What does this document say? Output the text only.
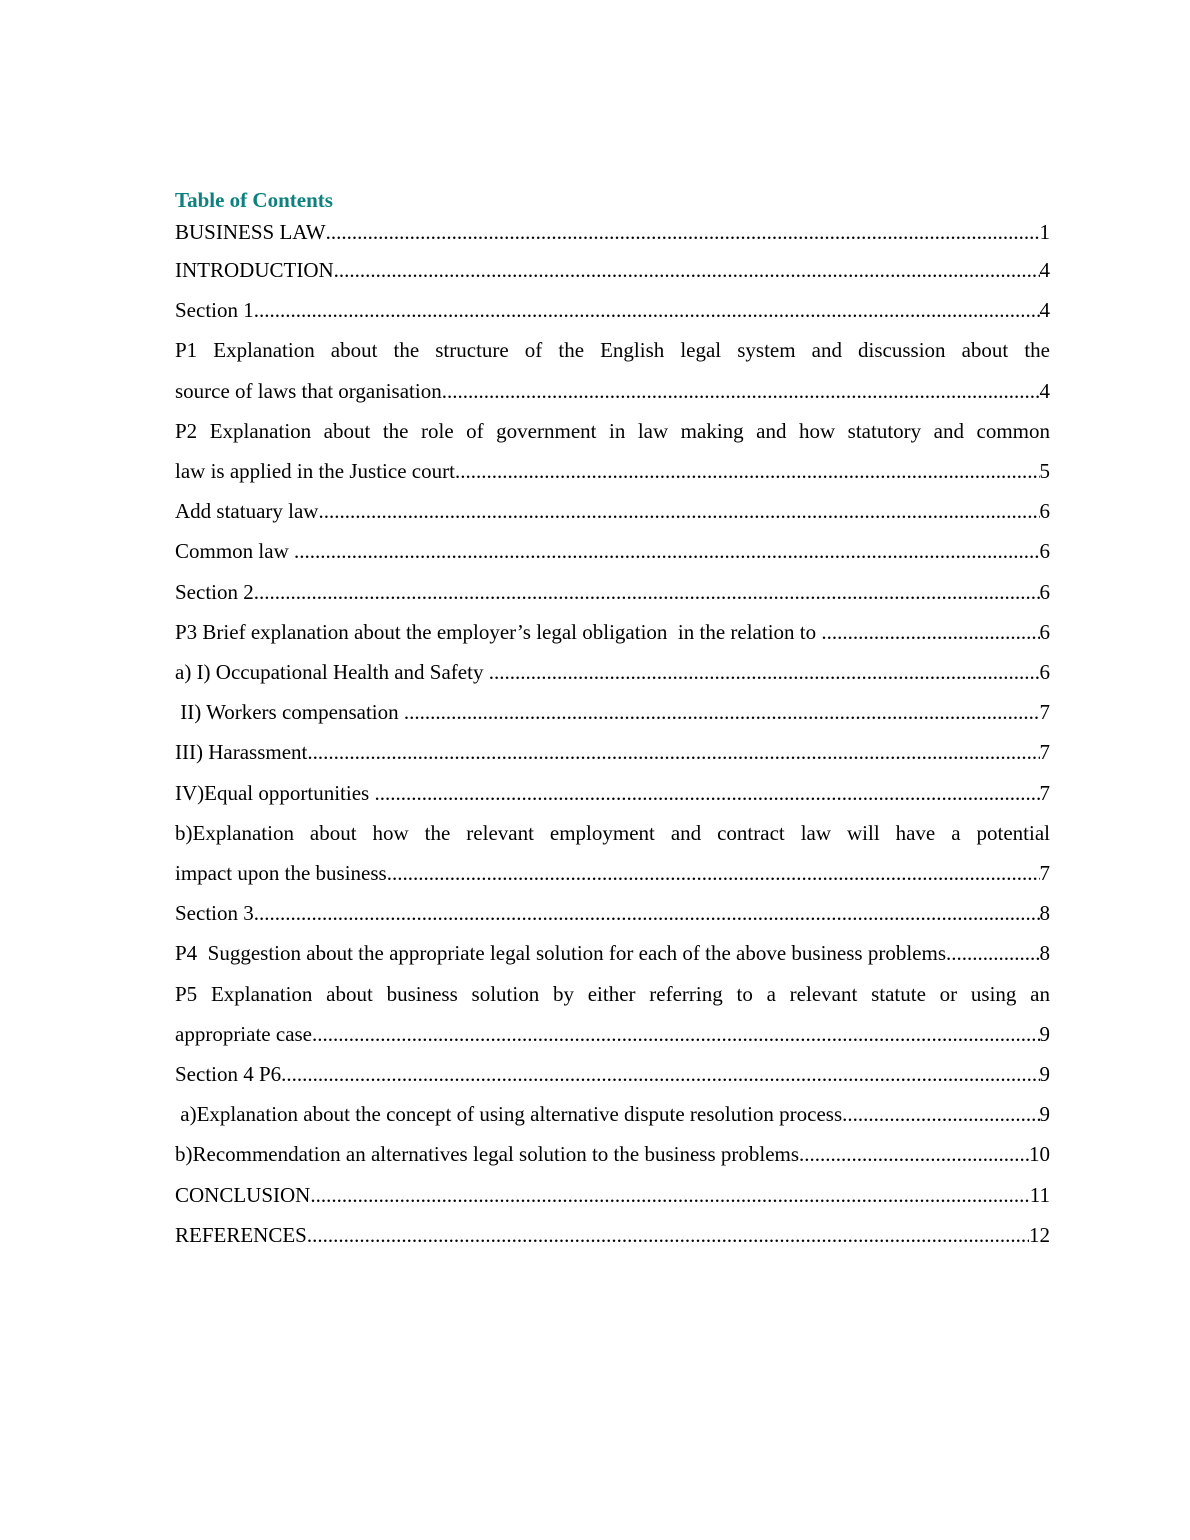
Table of Contents
BUSINESS LAW .....	1
INTRODUCTION .....	4
Section 1 .....	4
P1 Explanation about the structure of the English legal system and discussion about the
source of laws that organisation .....	4
P2 Explanation about the role of government in law making and how statutory and common
law is applied in the Justice court .....	5
Add statuary law .....	6
Common law .....	6
Section 2 .....	6
P3 Brief explanation about the employer’s legal obligation  in the relation to .....	6
a) I) Occupational Health and Safety .....	6
II) Workers compensation .....	7
III) Harassment .....	7
IV)Equal opportunities .....	7
b)Explanation about how the relevant employment and contract law will have a potential
impact upon the business .....	7
Section 3 .....	8
P4  Suggestion about the appropriate legal solution for each of the above business problems .....	8
P5 Explanation about business solution by either referring to a relevant statute or using an
appropriate case .....	9
Section 4 P6 .....	9
a)Explanation about the concept of using alternative dispute resolution process .....	9
b)Recommendation an alternatives legal solution to the business problems .....	10
CONCLUSION .....	11
REFERENCES .....	12
